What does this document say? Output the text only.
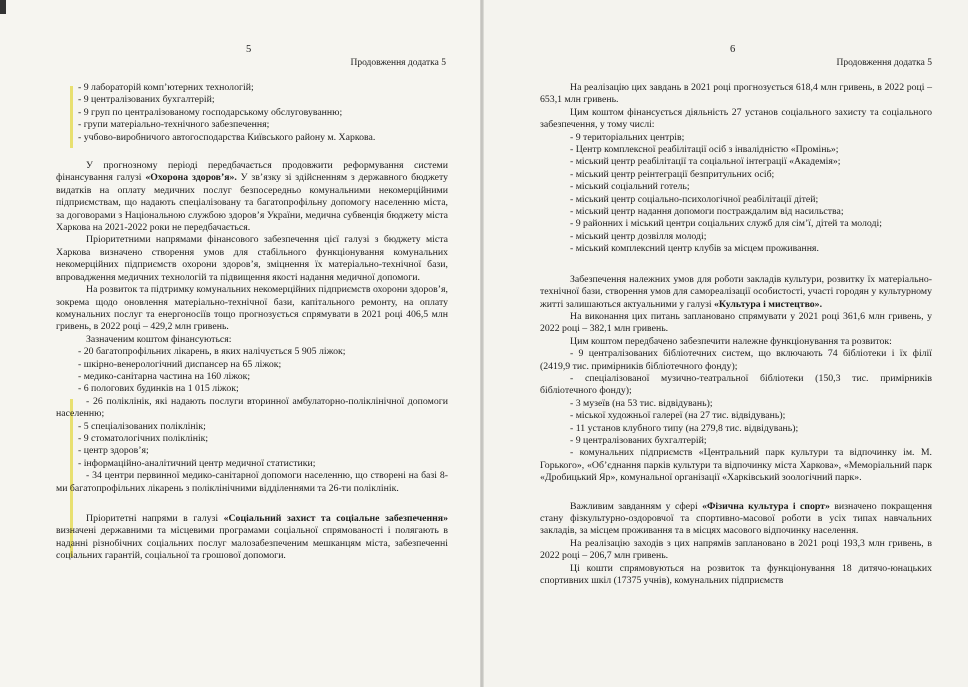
5
Продовження додатка 5
- 9 лабораторій комп’ютерних технологій;
- 9 централізованих бухгалтерій;
- 9 груп по централізованому господарському обслуговуванню;
- групи матеріально-технічного забезпечення;
- учбово-виробничого автогосподарства Київського району м. Харкова.

У прогнозному періоді передбачається продовжити реформування системи фінансування галузі «Охорона здоров’я». У зв’язку зі здійсненням з державного бюджету видатків на оплату медичних послуг безпосередньо комунальними некомерційними підприємствам, що надають спеціалізовану та багатопрофільну допомогу населенню міста, за договорами з Національною службою здоров’я України, медична субвенція бюджету міста Харкова на 2021-2022 роки не передбачається.

Пріоритетними напрямами фінансового забезпечення цієї галузі з бюджету міста Харкова визначено створення умов для стабільного функціонування комунальних некомерційних підприємств охорони здоров’я, зміцнення їх матеріально-технічної бази, впровадження медичних технологій та підвищення якості надання медичної допомоги.

На розвиток та підтримку комунальних некомерційних підприємств охорони здоров’я, зокрема щодо оновлення матеріально-технічної бази, капітального ремонту, на оплату комунальних послуг та енергоносіїв тощо прогнозується спрямувати в 2021 році 406,5 млн гривень, в 2022 році – 429,2 млн гривень.

Зазначеним коштом фінансуються:

- 20 багатопрофільних лікарень, в яких налічується 5 905 ліжок;
- шкірно-венерологічний диспансер на 65 ліжок;
- медико-санітарна частина на 160 ліжок;
- 6 пологових будинків на 1 015 ліжок;

- 26 поліклінік, які надають послуги вторинної амбулаторно-поліклінічної допомоги населенню;

- 5 спеціалізованих поліклінік;
- 9 стоматологічних поліклінік;
- центр здоров’я;
- інформаційно-аналітичний центр медичної статистики;

- 34 центри первинної медико-санітарної допомоги населенню, що створені на базі 8-ми багатопрофільних лікарень з поліклінічними відділеннями та 26-ти поліклінік.

Пріоритетні напрями в галузі «Соціальний захист та соціальне забезпечення» визначені державними та місцевими програмами соціальної спрямованості і полягають в наданні різнобічних соціальних послуг малозабезпеченим мешканцям міста, забезпеченні соціальних гарантій, соціальної та грошової допомоги.

6
Продовження додатка 5

На реалізацію цих завдань в 2021 році прогнозується 618,4 млн гривень, в 2022 році – 653,1 млн гривень.

Цим коштом фінансується діяльність 27 установ соціального захисту та соціального забезпечення, у тому числі:

- 9 територіальних центрів;
- Центр комплексної реабілітації осіб з інвалідністю «Промінь»;
- міський центр реабілітації та соціальної інтеграції «Академія»;
- міський центр реінтеграції безпритульних осіб;
- міський соціальний готель;
- міський центр соціально-психологічної реабілітації дітей;
- міський центр надання допомоги постраждалим від насильства;
- 9 районних і міський центри соціальних служб для сім’ї, дітей та молоді;
- міський центр дозвілля молоді;
- міський комплексний центр клубів за місцем проживання.

Забезпечення належних умов для роботи закладів культури, розвитку їх матеріально-технічної бази, створення умов для самореалізації особистості, участі городян у культурному житті залишаються актуальними у галузі «Культура і мистецтво».

На виконання цих питань заплановано спрямувати у 2021 році 361,6 млн гривень, у 2022 році – 382,1 млн гривень.

Цим коштом передбачено забезпечити належне функціонування та розвиток:

- 9 централізованих бібліотечних систем, що включають 74 бібліотеки і їх філії (2419,9 тис. примірників бібліотечного фонду);

- спеціалізованої музично-театральної бібліотеки (150,3 тис. примірників бібліотечного фонду);

- 3 музеїв (на 53 тис. відвідувань);
- міської художньої галереї (на 27 тис. відвідувань);
- 11 установ клубного типу (на 279,8 тис. відвідувань);
- 9 централізованих бухгалтерій;

- комунальних підприємств «Центральний парк культури та відпочинку ім. М. Горького», «Об’єднання парків культури та відпочинку міста Харкова», «Меморіальний парк «Дробицький Яр», комунальної організації «Харківський зоологічний парк».

Важливим завданням у сфері «Фізична культура і спорт» визначено покращення стану фізкультурно-оздоровчої та спортивно-масової роботи в усіх типах навчальних закладів, за місцем проживання та в місцях масового відпочинку населення.

На реалізацію заходів з цих напрямів заплановано в 2021 році 193,3 млн гривень, в 2022 році – 206,7 млн гривень.

Ці кошти спрямовуються на розвиток та функціонування 18 дитячо-юнацьких спортивних шкіл (17375 учнів), комунальних підприємств
